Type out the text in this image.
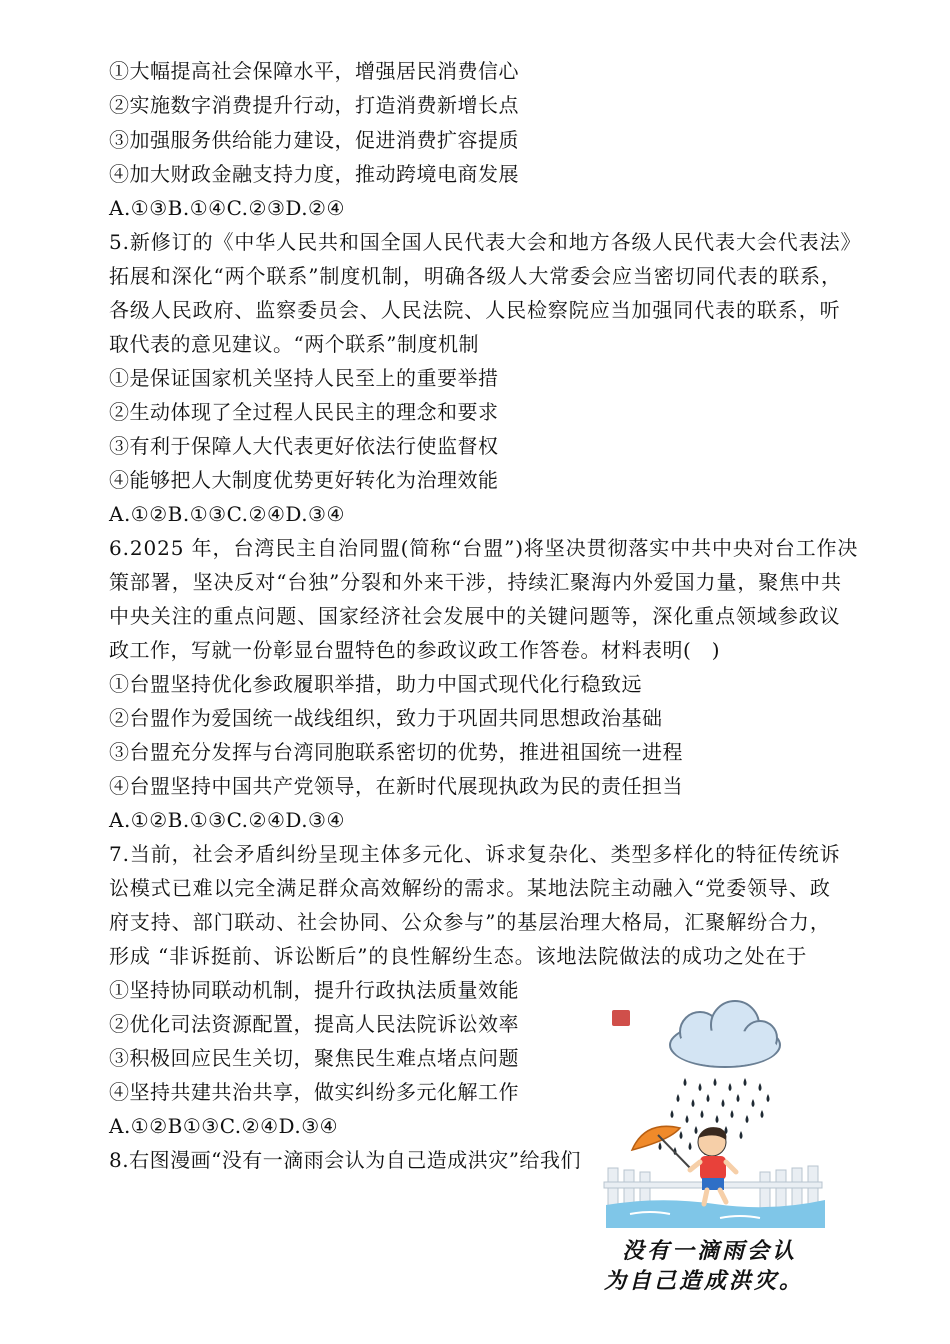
①大幅提高社会保障水平，增强居民消费信心
②实施数字消费提升行动，打造消费新增长点
③加强服务供给能力建设，促进消费扩容提质
④加大财政金融支持力度，推动跨境电商发展
A.①③B.①④C.②③D.②④
5.新修订的《中华人民共和国全国人民代表大会和地方各级人民代表大会代表法》
拓展和深化“两个联系”制度机制，明确各级人大常委会应当密切同代表的联系，
各级人民政府、监察委员会、人民法院、人民检察院应当加强同代表的联系，听
取代表的意见建议。“两个联系”制度机制
①是保证国家机关坚持人民至上的重要举措
②生动体现了全过程人民民主的理念和要求
③有利于保障人大代表更好依法行使监督权
④能够把人大制度优势更好转化为治理效能
A.①②B.①③C.②④D.③④
6.2025 年，台湾民主自治同盟(简称“台盟”)将坚决贯彻落实中共中央对台工作决
策部署，坚决反对“台独”分裂和外来干涉，持续汇聚海内外爱国力量，聚焦中共
中央关注的重点问题、国家经济社会发展中的关键问题等，深化重点领域参政议
政工作，写就一份彰显台盟特色的参政议政工作答卷。材料表明(　)
①台盟坚持优化参政履职举措，助力中国式现代化行稳致远
②台盟作为爱国统一战线组织，致力于巩固共同思想政治基础
③台盟充分发挥与台湾同胞联系密切的优势，推进祖国统一进程
④台盟坚持中国共产党领导，在新时代展现执政为民的责任担当
A.①②B.①③C.②④D.③④
7.当前，社会矛盾纠纷呈现主体多元化、诉求复杂化、类型多样化的特征传统诉
讼模式已难以完全满足群众高效解纷的需求。某地法院主动融入“党委领导、政
府支持、部门联动、社会协同、公众参与”的基层治理大格局，汇聚解纷合力，
形成 “非诉挺前、诉讼断后”的良性解纷生态。该地法院做法的成功之处在于
①坚持协同联动机制，提升行政执法质量效能
②优化司法资源配置，提高人民法院诉讼效率
③积极回应民生关切，聚焦民生难点堵点问题
④坚持共建共治共享，做实纠纷多元化解工作
A.①②B①③C.②④D.③④
8.右图漫画“没有一滴雨会认为自己造成洪灾”给我们
没有一滴雨会认
为自己造成洪灾。
